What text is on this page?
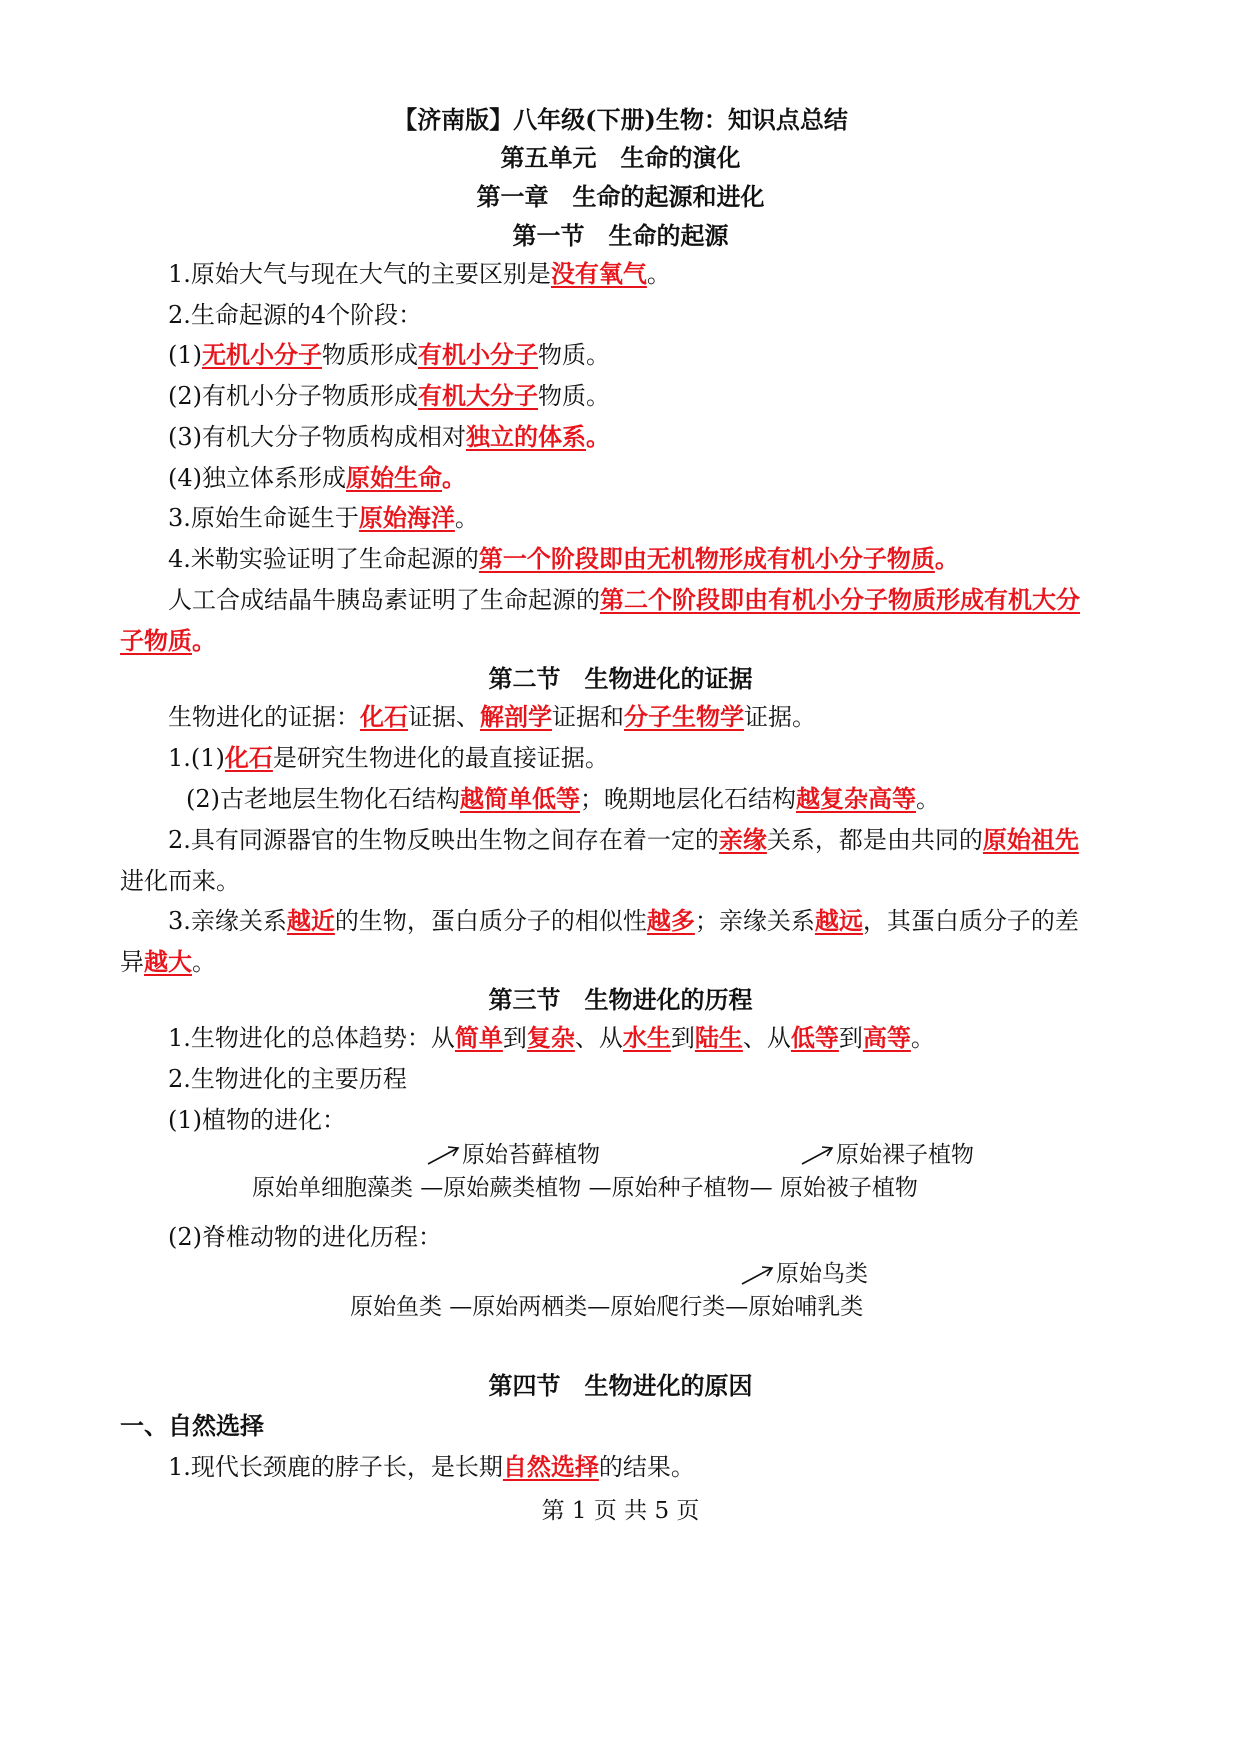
【济南版】八年级(下册)生物：知识点总结
第五单元　生命的演化
第一章　生命的起源和进化
第一节　生命的起源
1.原始大气与现在大气的主要区别是没有氧气。
2.生命起源的4个阶段：
(1)无机小分子物质形成有机小分子物质。
(2)有机小分子物质形成有机大分子物质。
(3)有机大分子物质构成相对独立的体系。
(4)独立体系形成原始生命。
3.原始生命诞生于原始海洋。
4.米勒实验证明了生命起源的第一个阶段即由无机物形成有机小分子物质。
人工合成结晶牛胰岛素证明了生命起源的第二个阶段即由有机小分子物质形成有机大分
子物质。
第二节　生物进化的证据
生物进化的证据：化石证据、解剖学证据和分子生物学证据。
1.(1)化石是研究生物进化的最直接证据。
(2)古老地层生物化石结构越简单低等；晚期地层化石结构越复杂高等。
2.具有同源器官的生物反映出生物之间存在着一定的亲缘关系，都是由共同的原始祖先
进化而来。
3.亲缘关系越近的生物，蛋白质分子的相似性越多；亲缘关系越远，其蛋白质分子的差
异越大。
第三节　生物进化的历程
1.生物进化的总体趋势：从简单到复杂、从水生到陆生、从低等到高等。
2.生物进化的主要历程
(1)植物的进化：
原始苔藓植物	原始裸子植物
原始单细胞藻类 —原始蕨类植物 —原始种子植物— 原始被子植物
(2)脊椎动物的进化历程：
原始鸟类
原始鱼类 —原始两栖类—原始爬行类—原始哺乳类
第四节　生物进化的原因
一、自然选择
1.现代长颈鹿的脖子长，是长期自然选择的结果。
第 1 页 共 5 页
